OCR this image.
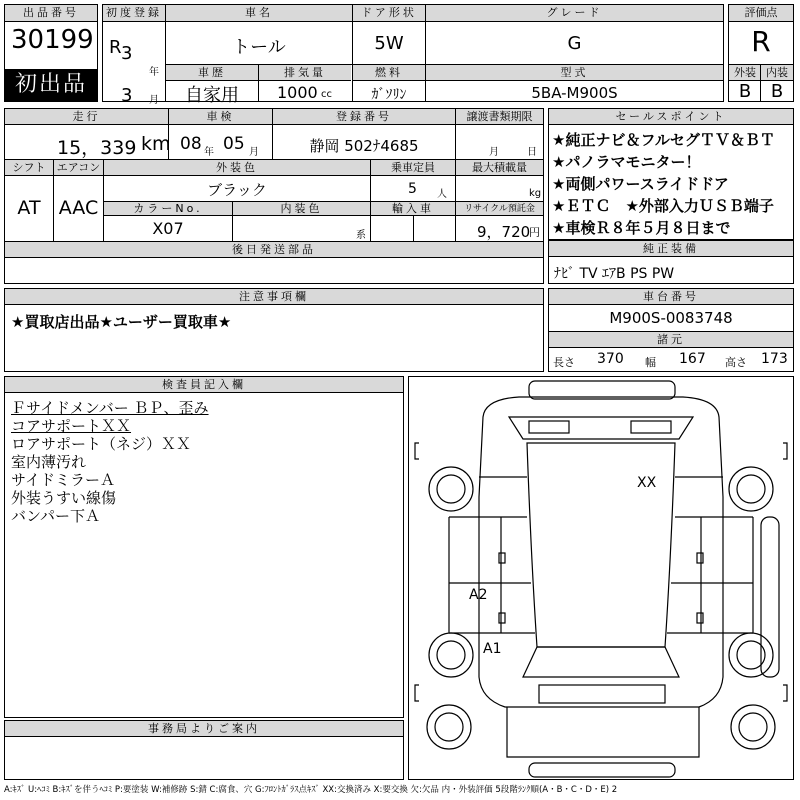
出品番号
30199
初出品
初度登録
R 3
年
3 月
車名
トール
ドア形状
5W
グレード
G
車歴
自家用
排気量
1000 cc
燃料
ｶﾞｿﾘﾝ
型式
5BA-M900S
評価点
R
外装 内装
B	B
走行
15，339 km
車検
08 年 05 月
登録番号
静岡 502ﾅ4685
譲渡書類期限
月	日
シフト
AT
エアコン
AAC
外装色
ブラック
乗車定員
5 人
最大積載量
kg
カラーNo.
X07
内装色
系
輸入車	リサイクル預託金
9，720
円
後日発送部品
セールスポイント
★純正ナビ＆フルセグＴＶ＆ＢＴ
★パノラマモニター！
★両側パワースライドドア
★ＥＴＣ　★外部入力ＵＳＢ端子
★車検Ｒ８年５月８日まで
純正装備
ﾅﾋﾞ TV ｴｱB PS PW
注意事項欄
★買取店出品★ユーザー買取車★
車台番号
M900S-0083748
諸元
長さ 370 幅 167 高さ 173
検査員記入欄
Ｆサイドメンバー ＢＰ、歪み
コアサポートＸＸ
ロアサポート（ネジ）ＸＸ
室内薄汚れ
サイドミラーＡ
外装うすい線傷
バンパー下Ａ
事務局よりご案内
XX
A2
A1
A:ｷｽﾞ U:ﾍｺﾐ B:ｷｽﾞを伴うﾍｺﾐ P:要塗装 W:補修跡 S:錆 C:腐食、穴 G:ﾌﾛﾝﾄｶﾞﾗｽ点ｷｽﾞ XX:交換済み X:要交換 欠:欠品 内・外装評価 5段階ﾗﾝｸ順(A・B・C・D・E) 2
